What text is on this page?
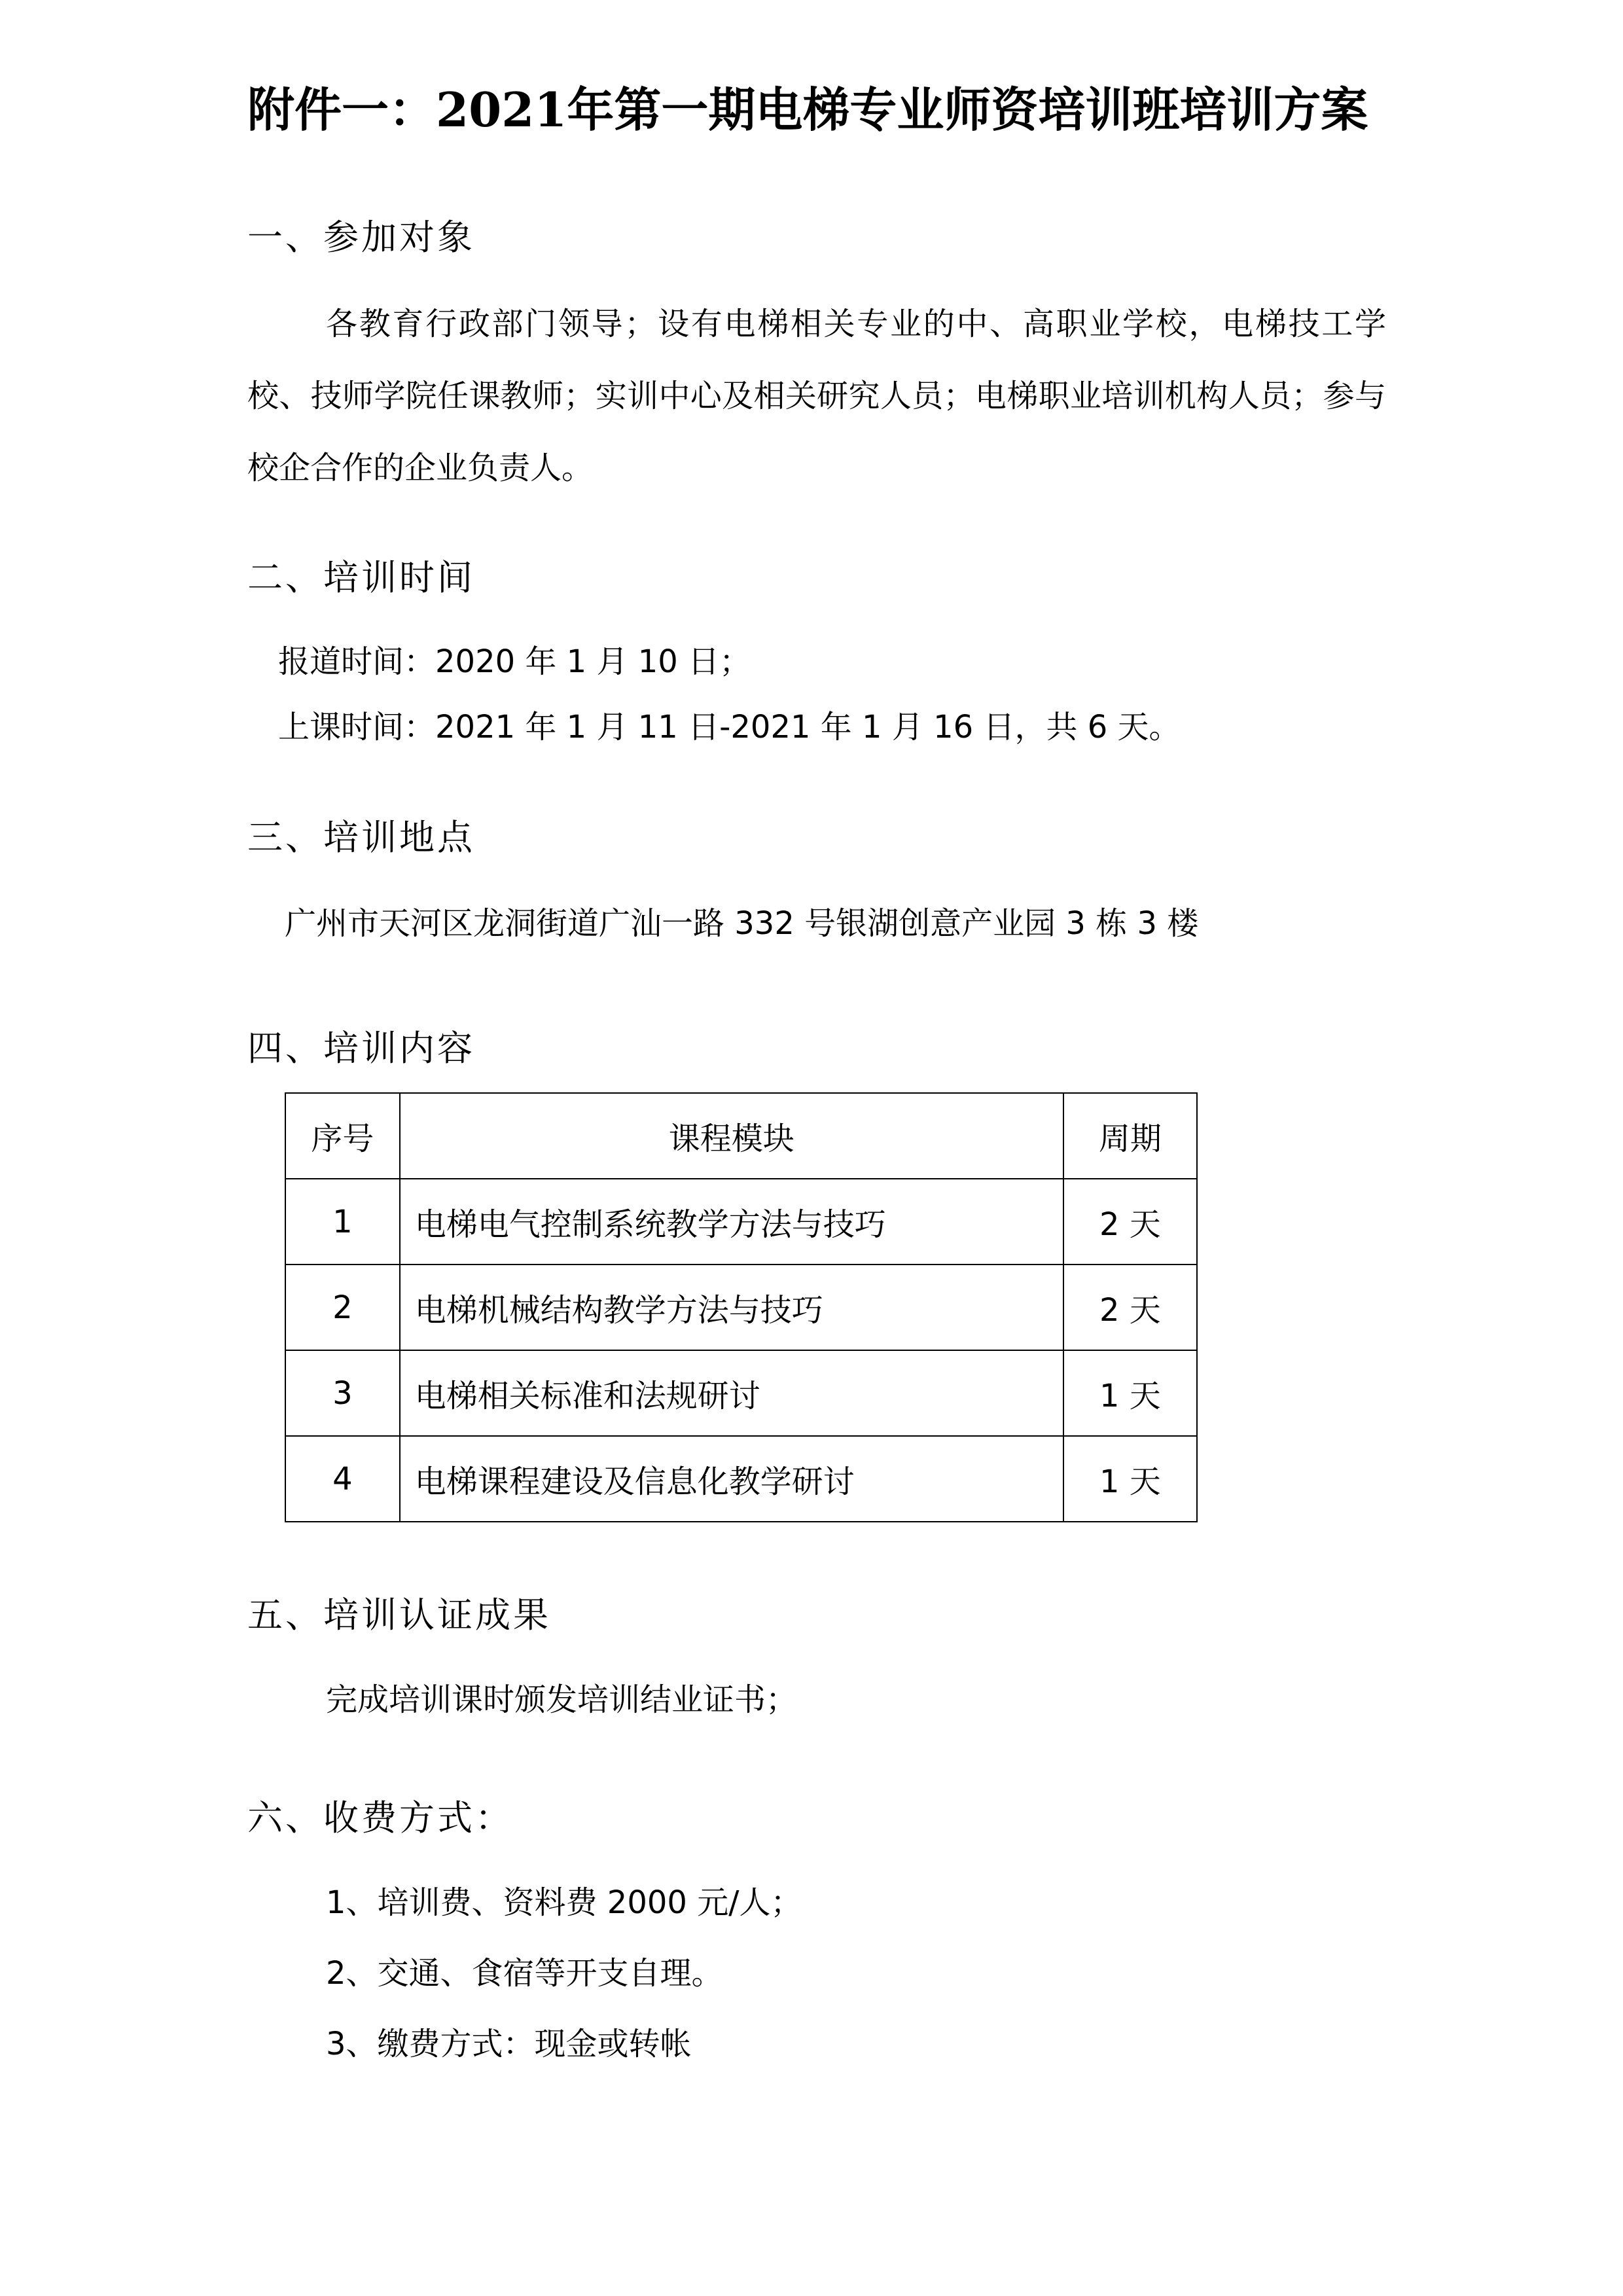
附件一：2021年第一期电梯专业师资培训班培训方案
一、参加对象
各教育行政部门领导；设有电梯相关专业的中、高职业学校，电梯技工学校、技师学院任课教师；实训中心及相关研究人员；电梯职业培训机构人员；参与校企合作的企业负责人。
二、培训时间
报道时间：2020 年 1 月 10 日；
上课时间：2021 年 1 月 11 日-2021 年 1 月 16 日，共 6 天。
三、培训地点
广州市天河区龙洞街道广汕一路 332 号银湖创意产业园 3 栋 3 楼
四、培训内容
序号	课程模块	周期
1	电梯电气控制系统教学方法与技巧	2 天
2	电梯机械结构教学方法与技巧	2 天
3	电梯相关标准和法规研讨	1 天
4	电梯课程建设及信息化教学研讨	1 天
五、培训认证成果
完成培训课时颁发培训结业证书；
六、收费方式：
1、培训费、资料费 2000 元/人；
2、交通、食宿等开支自理。
3、缴费方式：现金或转帐
